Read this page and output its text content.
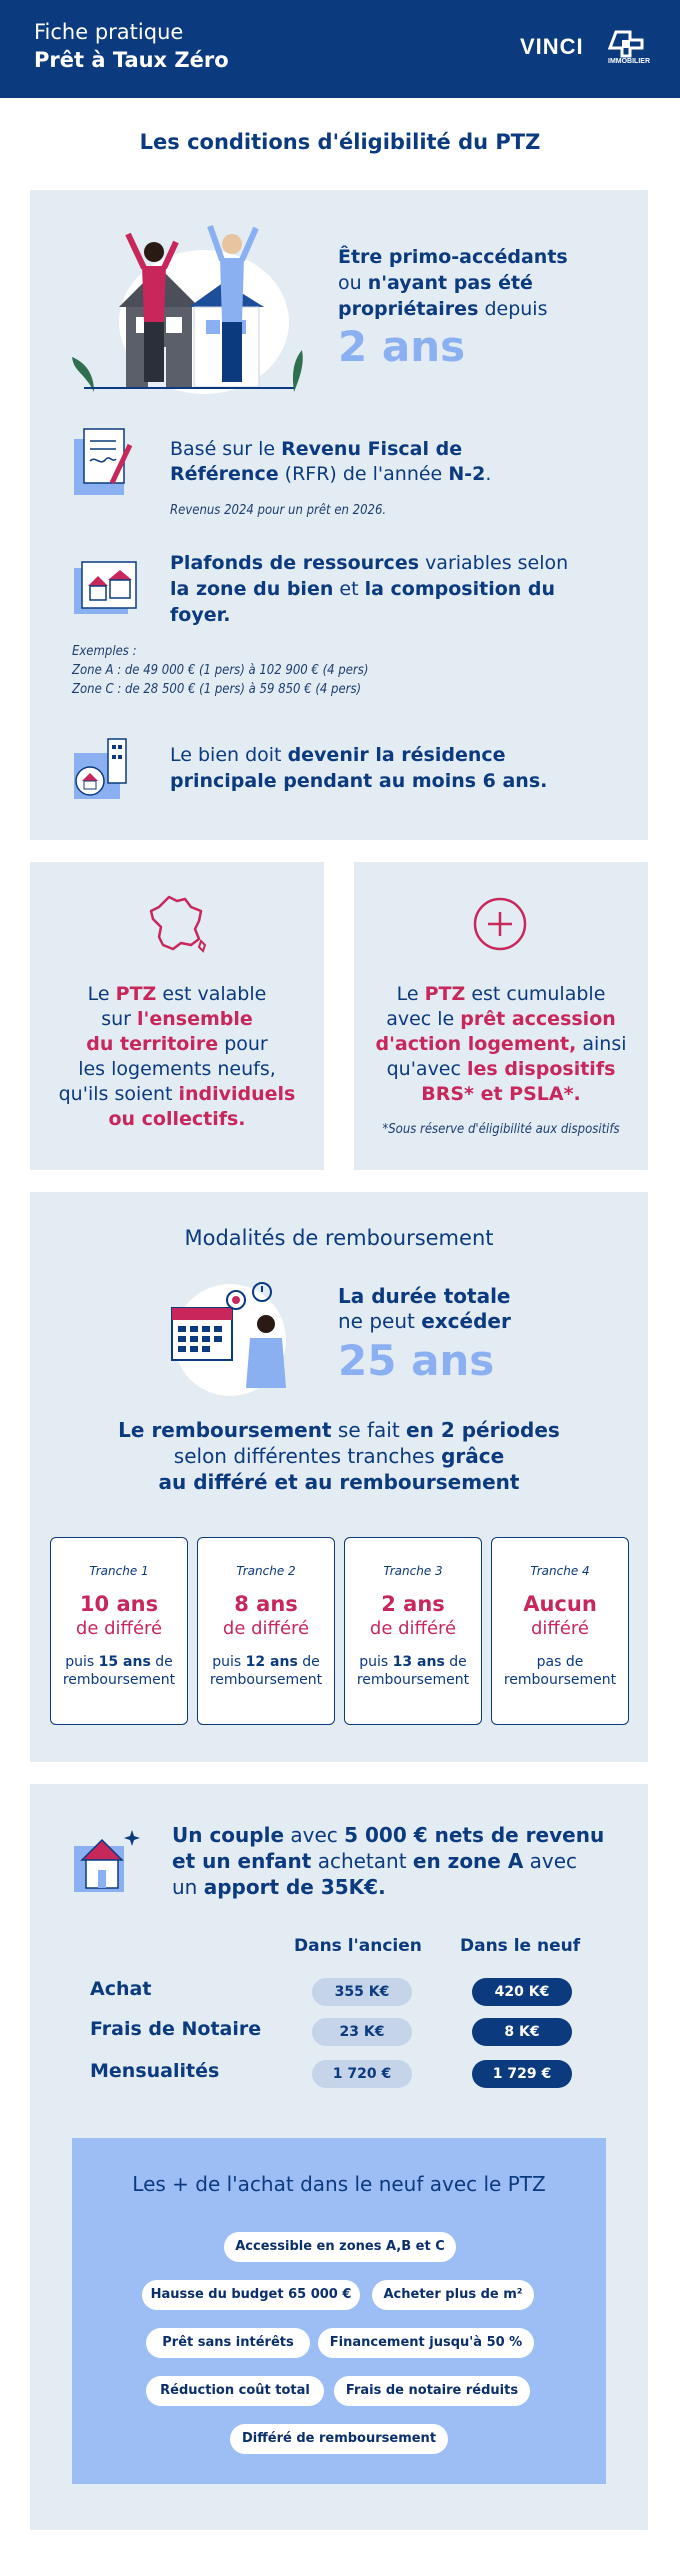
Fiche pratique
Prêt à Taux Zéro
VINCI
IMMOBILIER
Les conditions d'éligibilité du PTZ
Être primo-accédants
ou n'ayant pas été
propriétaires depuis
2 ans
Basé sur le Revenu Fiscal de
Référence (RFR) de l'année N-2.
Revenus 2024 pour un prêt en 2026.
Plafonds de ressources variables selon
la zone du bien et la composition du
foyer.
Exemples :
Zone A : de 49 000 € (1 pers) à 102 900 € (4 pers)
Zone C : de 28 500 € (1 pers) à 59 850 € (4 pers)
Le bien doit devenir la résidence
principale pendant au moins 6 ans.
Le PTZ est valable
sur l'ensemble
du territoire pour
les logements neufs,
qu'ils soient individuels
ou collectifs.
Le PTZ est cumulable
avec le prêt accession
d'action logement, ainsi
qu'avec les dispositifs
BRS* et PSLA*.
*Sous réserve d'éligibilité aux dispositifs
Modalités de remboursement
La durée totale
ne peut excéder
25 ans
Le remboursement se fait en 2 périodes
selon différentes tranches grâce
au différé et au remboursement
Tranche 1
10 ans
de différé
puis 15 ans de
remboursement
Tranche 2
8 ans
de différé
puis 12 ans de
remboursement
Tranche 3
2 ans
de différé
puis 13 ans de
remboursement
Tranche 4
Aucun
différé
pas de
remboursement
Un couple avec 5 000 € nets de revenu
et un enfant achetant en zone A avec
un apport de 35K€.
Dans l'ancien Dans le neuf
Achat	355 K€	420 K€
Frais de Notaire	23 K€	8 K€
Mensualités	1 720 €	1 729 €
Les + de l'achat dans le neuf avec le PTZ
Accessible en zones A,B et C
Hausse du budget 65 000 €	Acheter plus de m²
Prêt sans intérêts	Financement jusqu'à 50 %
Réduction coût total	Frais de notaire réduits
Différé de remboursement
